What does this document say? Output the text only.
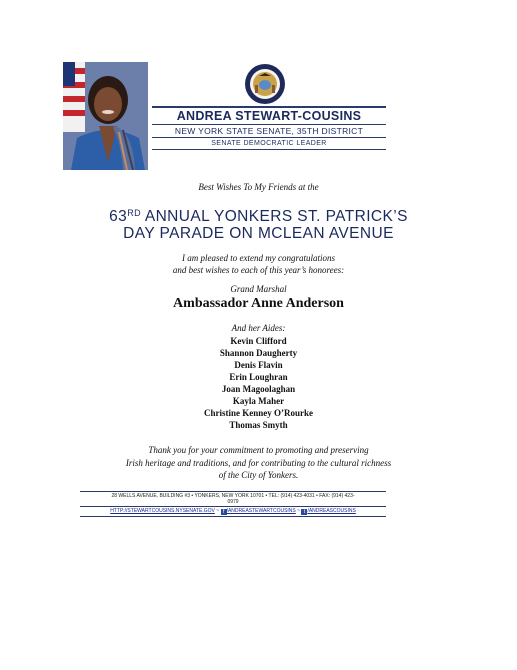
ANDREA STEWART-COUSINS
NEW YORK STATE SENATE, 35TH DISTRICT
SENATE DEMOCRATIC LEADER
Best Wishes To My Friends at the
63RD ANNUAL YONKERS ST. PATRICK’S
DAY PARADE ON MCLEAN AVENUE
I am pleased to extend my congratulations
and best wishes to each of this year’s honorees:
Grand Marshal
Ambassador Anne Anderson
And her Aides:
Kevin Clifford
Shannon Daugherty
Denis Flavin
Erin Loughran
Joan Magoolaghan
Kayla Maher
Christine Kenney O’Rourke
Thomas Smyth
Thank you for your commitment to promoting and preserving
Irish heritage and traditions, and for contributing to the cultural richness
of the City of Yonkers.
28 WELLS AVENUE, BUILDING #3 • YONKERS, NEW YORK 10701 • TEL: (914) 423-4031 • FAX: (914) 423-
0979
HTTP://STEWARTCOUSINS.NYSENATE.GOV ~ f /ANDREASTEWARTCOUSINS ~ t /ANDREASCOUSINS
